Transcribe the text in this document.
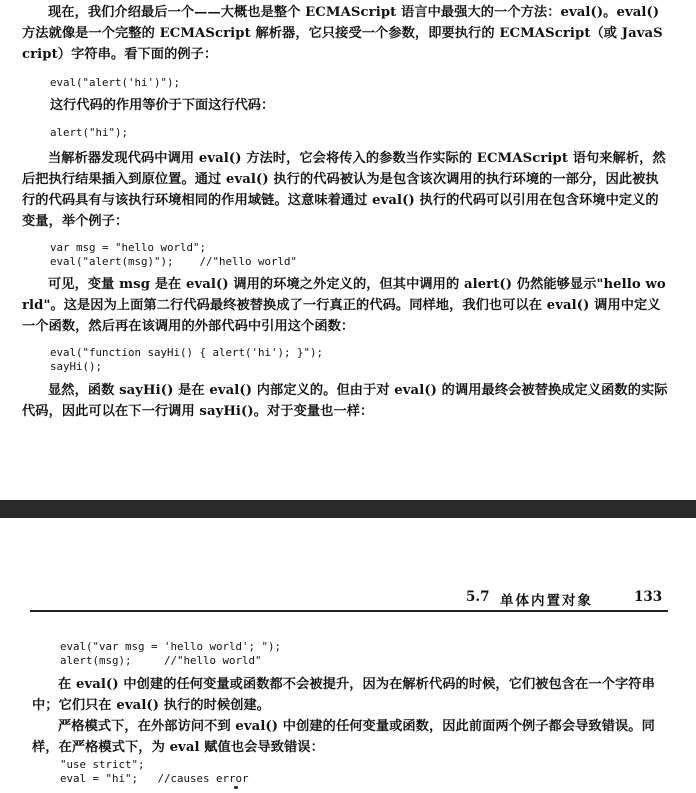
现在，我们介绍最后一个——大概也是整个 ECMAScript 语言中最强大的一个方法：eval()。eval() 方法就像是一个完整的 ECMAScript 解析器，它只接受一个参数，即要执行的 ECMAScript（或 JavaScript）字符串。看下面的例子：
eval("alert('hi')");
这行代码的作用等价于下面这行代码：
alert("hi");
当解析器发现代码中调用 eval() 方法时，它会将传入的参数当作实际的 ECMAScript 语句来解析，然后把执行结果插入到原位置。通过 eval() 执行的代码被认为是包含该次调用的执行环境的一部分，因此被执行的代码具有与该执行环境相同的作用域链。这意味着通过 eval() 执行的代码可以引用在包含环境中定义的变量，举个例子：
var msg = "hello world";
eval("alert(msg)");    //"hello world"
可见，变量 msg 是在 eval() 调用的环境之外定义的，但其中调用的 alert() 仍然能够显示"hello world"。这是因为上面第二行代码最终被替换成了一行真正的代码。同样地，我们也可以在 eval() 调用中定义一个函数，然后再在该调用的外部代码中引用这个函数：
eval("function sayHi() { alert('hi'); }");
sayHi();
显然，函数 sayHi() 是在 eval() 内部定义的。但由于对 eval() 的调用最终会被替换成定义函数的实际代码，因此可以在下一行调用 sayHi()。对于变量也一样：
5.7 单体内置对象	133
eval("var msg = 'hello world'; ");
alert(msg);     //"hello world"
在 eval() 中创建的任何变量或函数都不会被提升，因为在解析代码的时候，它们被包含在一个字符串中；它们只在 eval() 执行的时候创建。
严格模式下，在外部访问不到 eval() 中创建的任何变量或函数，因此前面两个例子都会导致错误。同样，在严格模式下，为 eval 赋值也会导致错误：
"use strict";
eval = "hi";   //causes error
